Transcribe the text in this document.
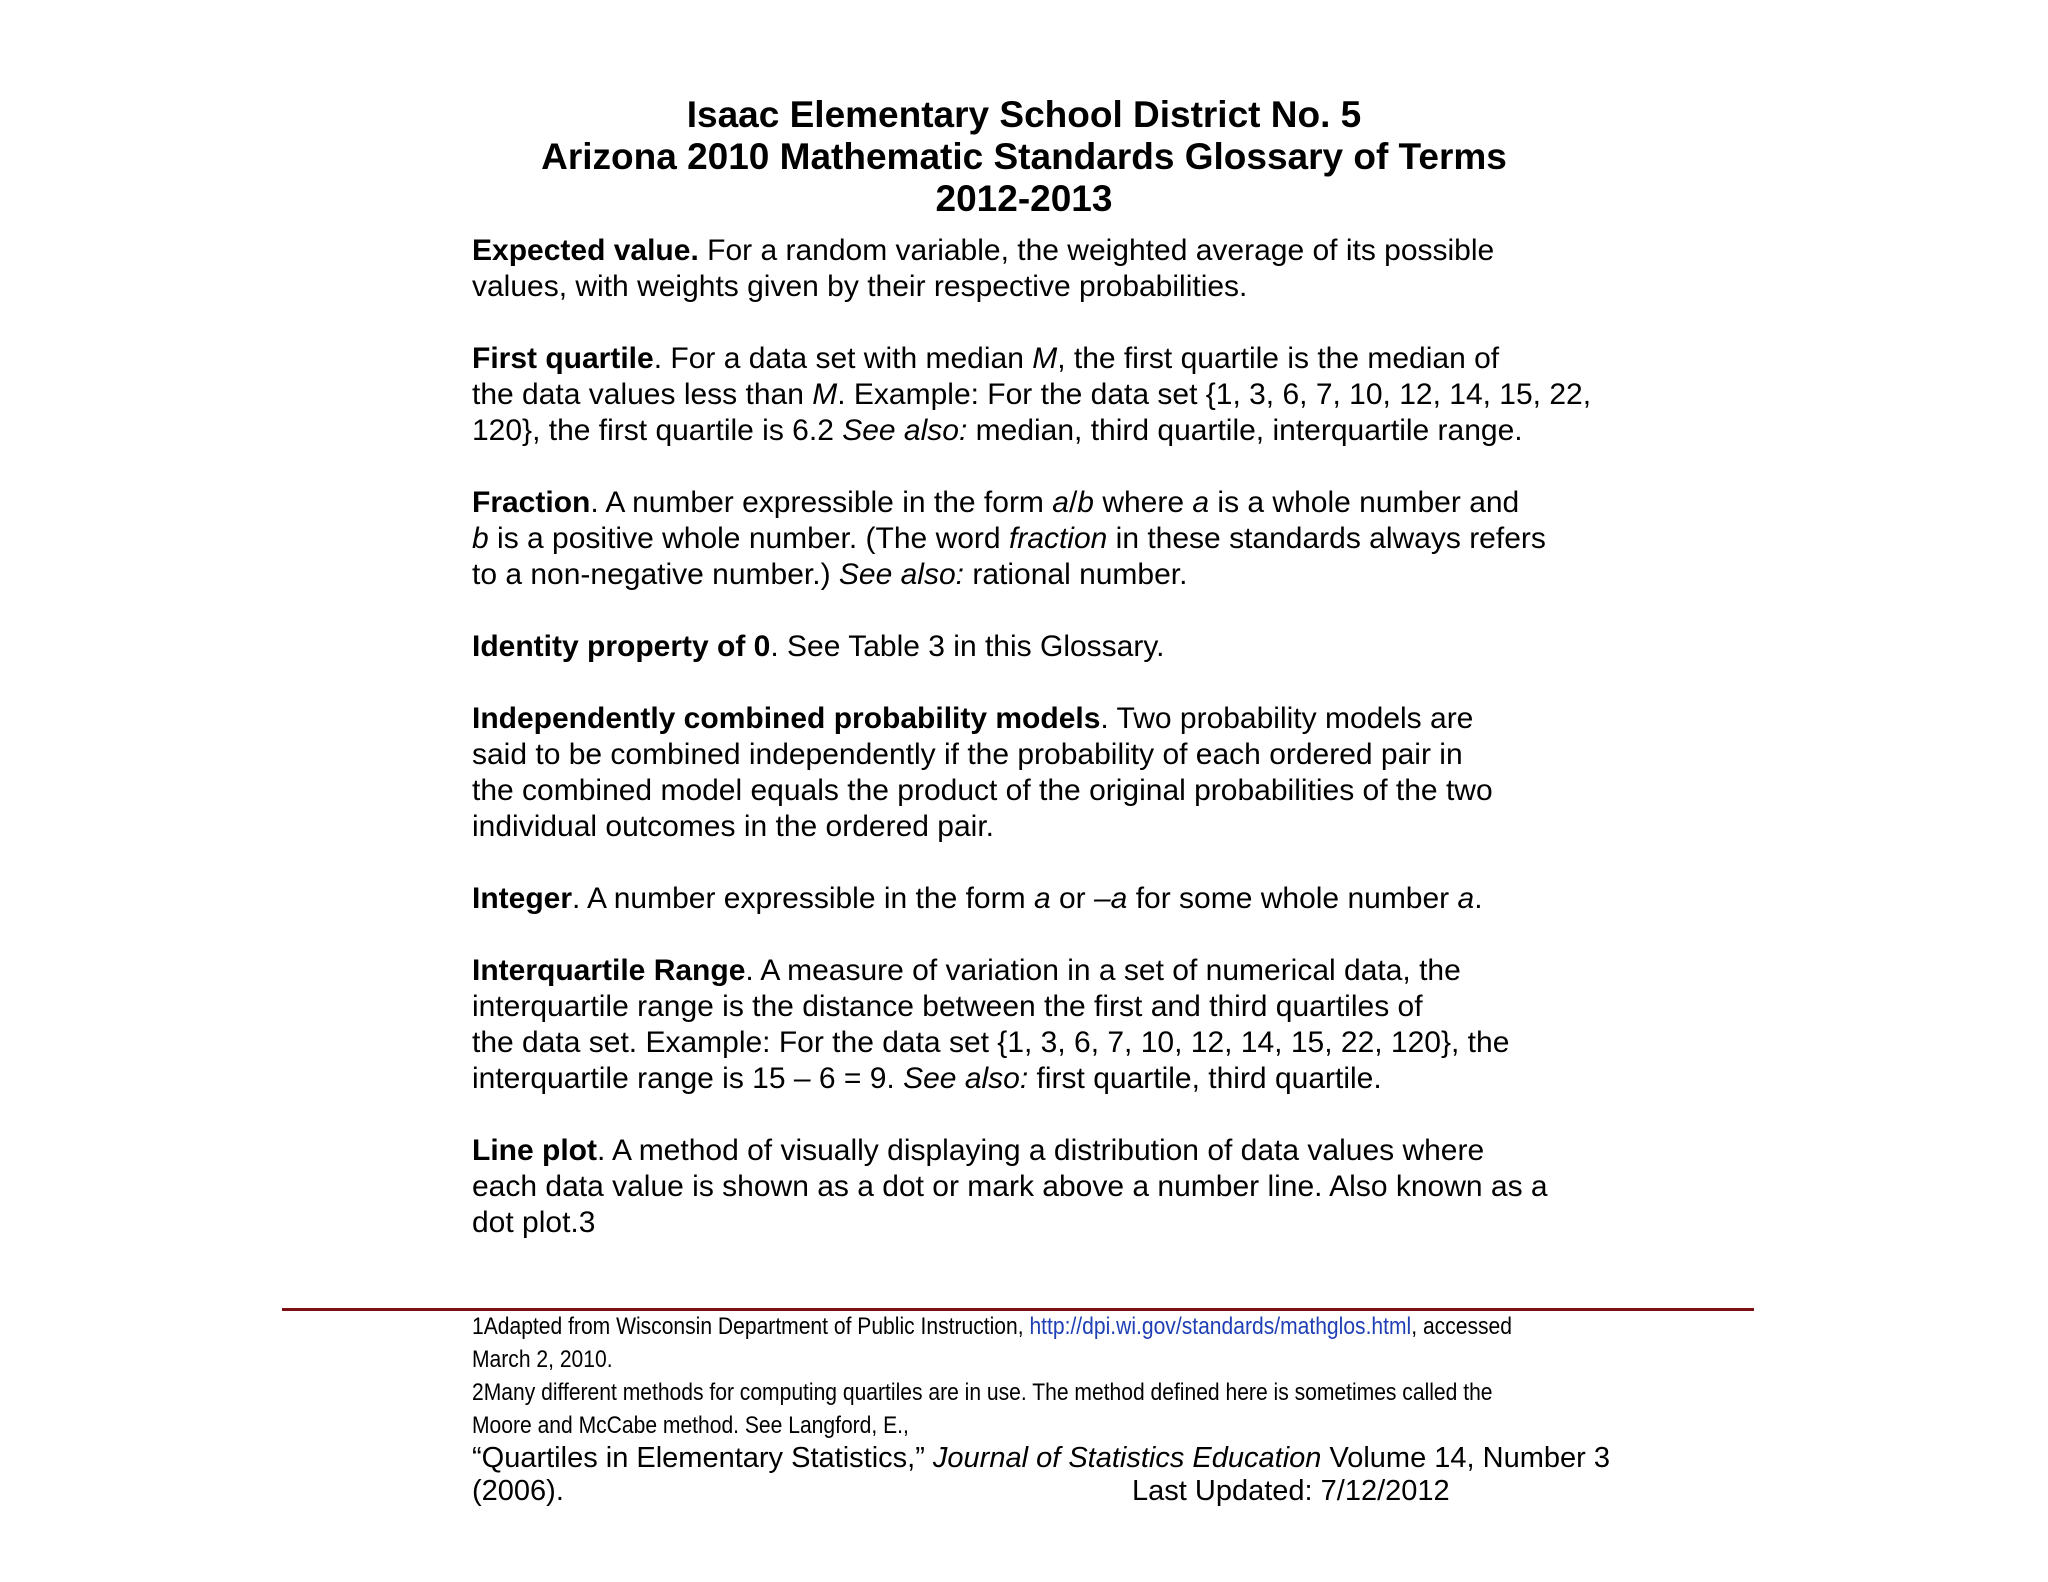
Isaac Elementary School District No. 5
Arizona 2010 Mathematic Standards Glossary of Terms
2012-2013

Expected value. For a random variable, the weighted average of its possible

values, with weights given by their respective probabilities.

First quartile. For a data set with median M, the first quartile is the median of

the data values less than M. Example: For the data set {1, 3, 6, 7, 10, 12, 14, 15, 22,

120}, the first quartile is 6.2 See also: median, third quartile, interquartile range.

Fraction. A number expressible in the form a/b where a is a whole number and

b is a positive whole number. (The word fraction in these standards always refers

to a non-negative number.) See also: rational number.

Identity property of 0. See Table 3 in this Glossary.

Independently combined probability models. Two probability models are

said to be combined independently if the probability of each ordered pair in

the combined model equals the product of the original probabilities of the two

individual outcomes in the ordered pair.

Integer. A number expressible in the form a or –a for some whole number a.

Interquartile Range. A measure of variation in a set of numerical data, the

interquartile range is the distance between the first and third quartiles of

the data set. Example: For the data set {1, 3, 6, 7, 10, 12, 14, 15, 22, 120}, the

interquartile range is 15 – 6 = 9. See also: first quartile, third quartile.

Line plot. A method of visually displaying a distribution of data values where

each data value is shown as a dot or mark above a number line. Also known as a

dot plot.3

1Adapted from Wisconsin Department of Public Instruction, http://dpi.wi.gov/standards/mathglos.html, accessed
March 2, 2010.
2Many different methods for computing quartiles are in use. The method defined here is sometimes called the
Moore and McCabe method. See Langford, E.,
“Quartiles in Elementary Statistics,” Journal of Statistics Education Volume 14, Number 3
(2006).	Last Updated: 7/12/2012
